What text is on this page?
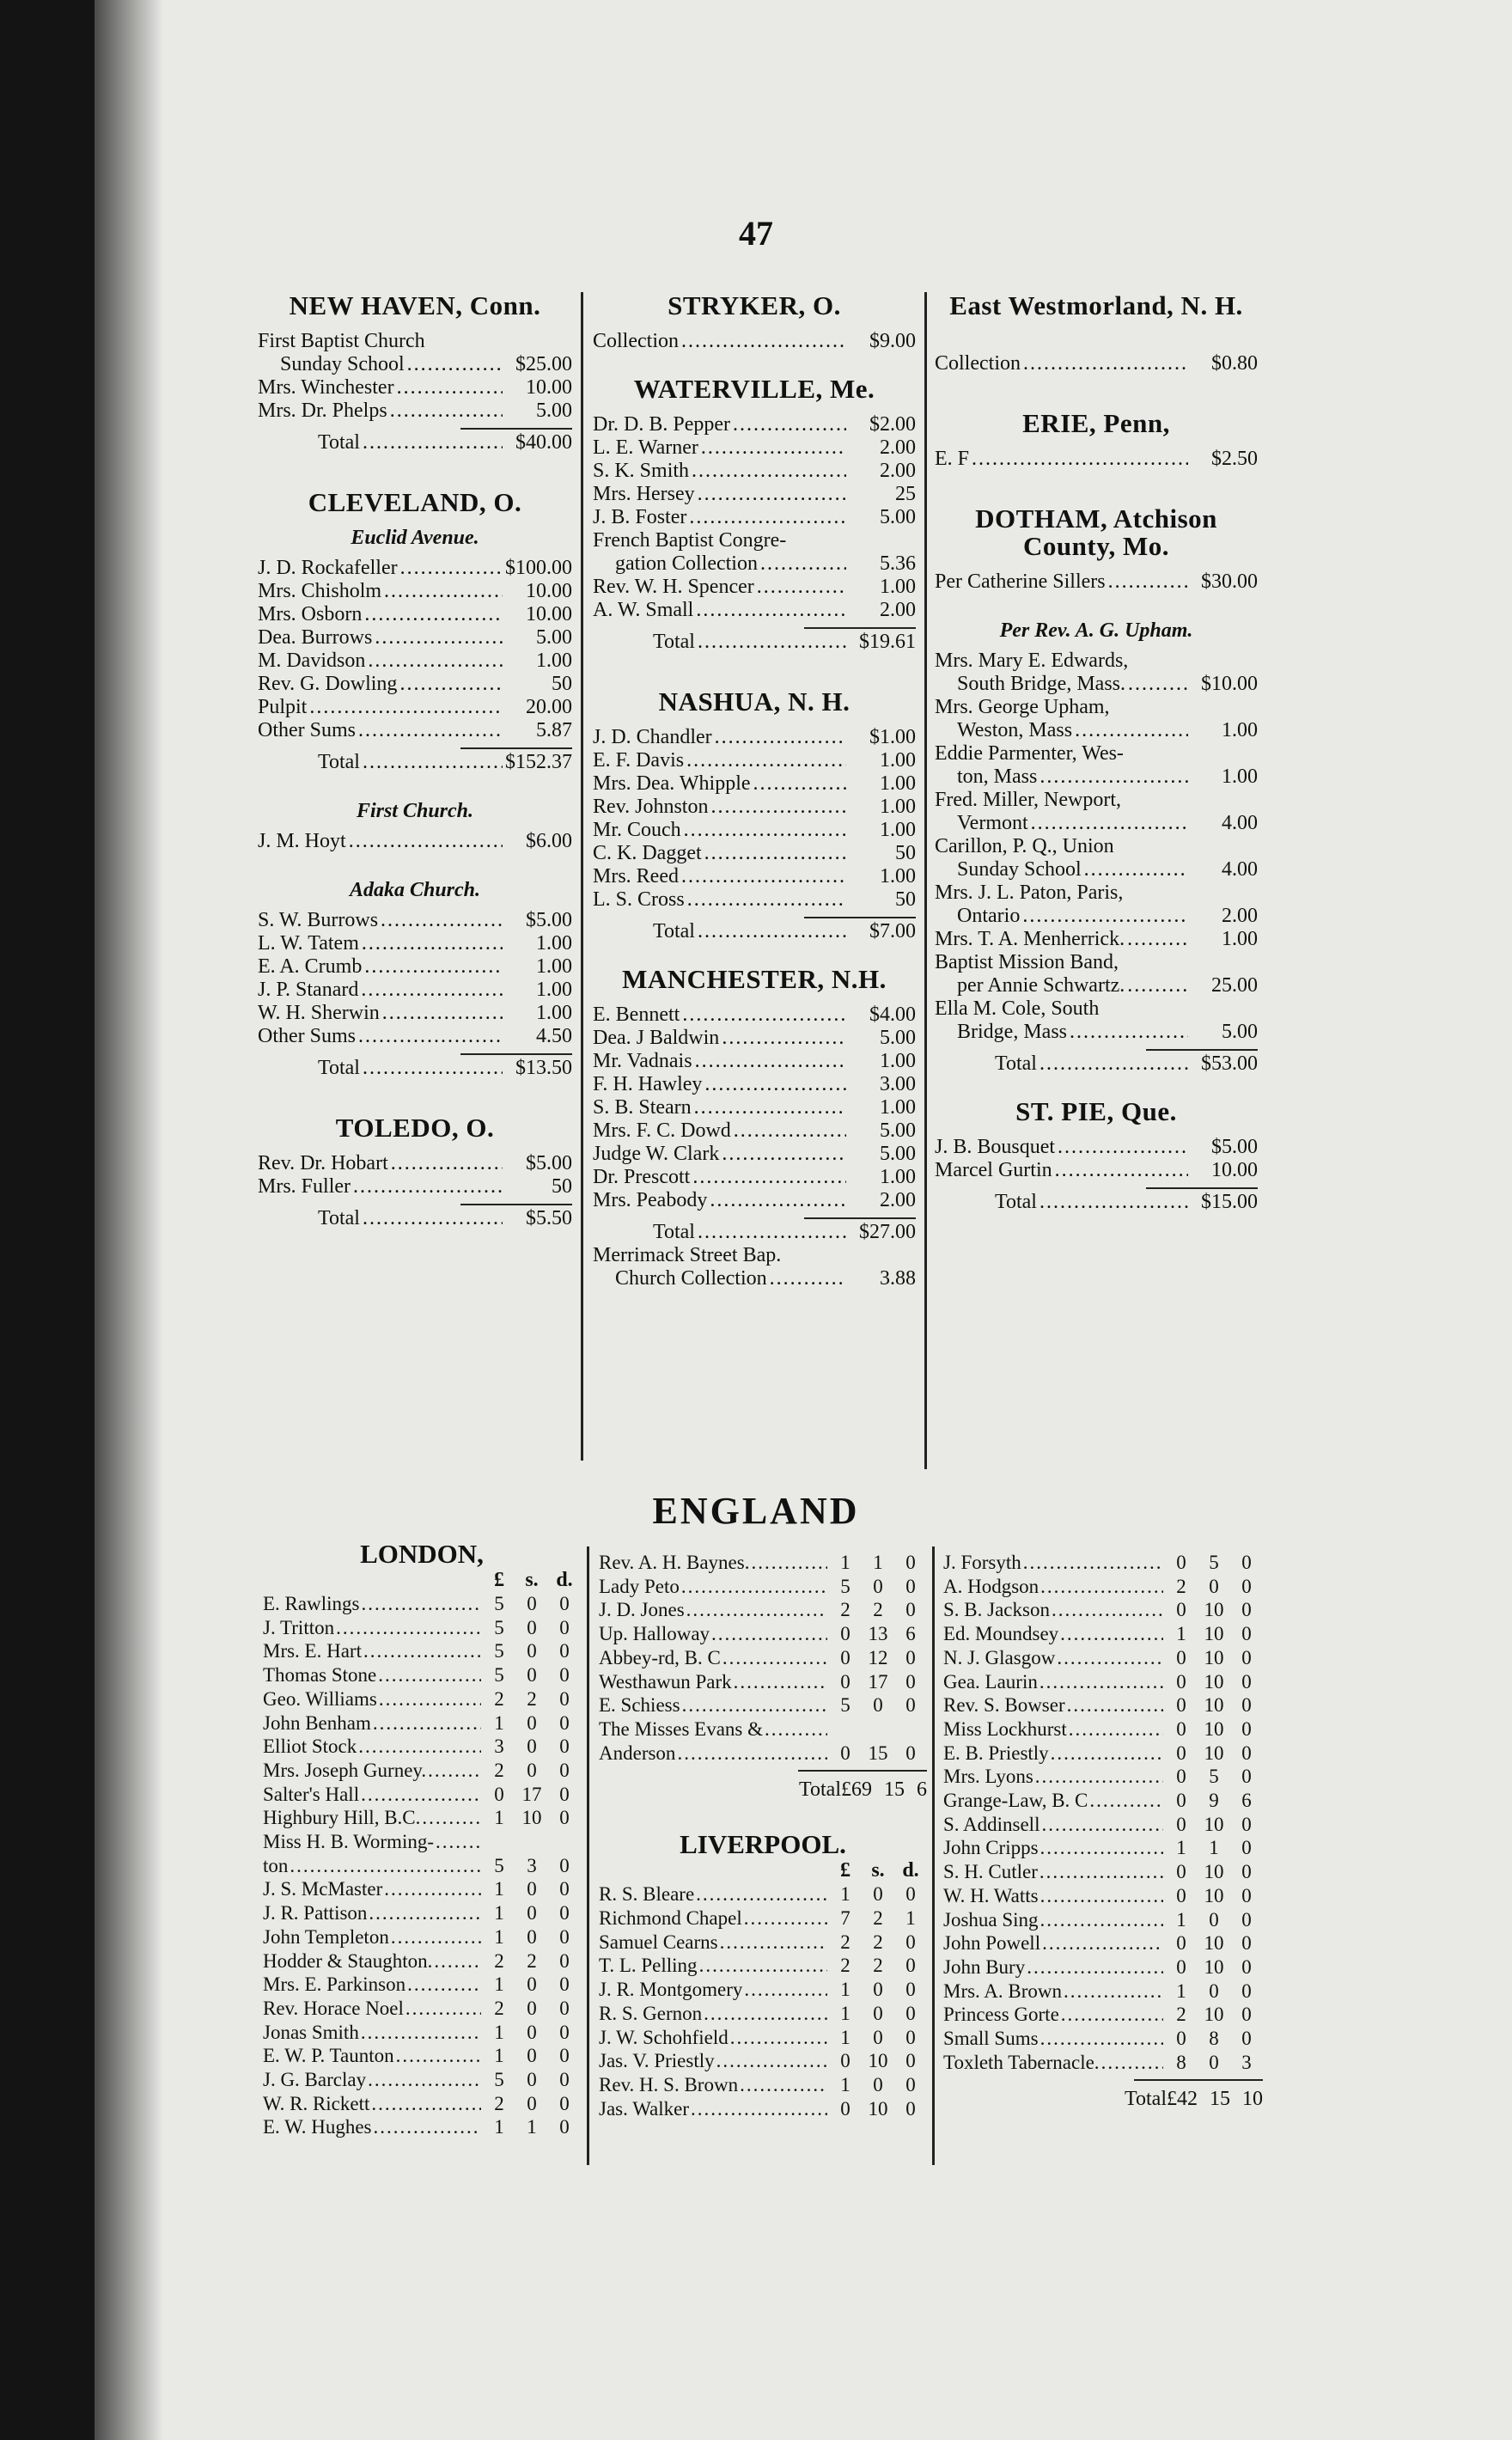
47
NEW HAVEN, Conn.
First Baptist Church
Sunday School .....	$25.00
Mrs. Winchester .....	10.00
Mrs. Dr. Phelps .....	5.00
Total .....	$40.00
CLEVELAND, O.
Euclid Avenue.
J. D. Rockafeller .....	$100.00
Mrs. Chisholm .....	10.00
Mrs. Osborn .....	10.00
Dea. Burrows .....	5.00
M. Davidson .....	1.00
Rev. G. Dowling .....	50
Pulpit .....	20.00
Other Sums .....	5.87
Total .....	$152.37
First Church.
J. M. Hoyt .....	$6.00
Adaka Church.
S. W. Burrows .....	$5.00
L. W. Tatem .....	1.00
E. A. Crumb .....	1.00
J. P. Stanard .....	1.00
W. H. Sherwin .....	1.00
Other Sums .....	4.50
Total .....	$13.50
TOLEDO, O.
Rev. Dr. Hobart .....	$5.00
Mrs. Fuller .....	50
Total .....	$5.50
STRYKER, O.
Collection .....	$9.00
WATERVILLE, Me.
Dr. D. B. Pepper .....	$2.00
L. E. Warner .....	2.00
S. K. Smith .....	2.00
Mrs. Hersey .....	25
J. B. Foster .....	5.00
French Baptist Congre-
gation Collection .....	5.36
Rev. W. H. Spencer .....	1.00
A. W. Small .....	2.00
Total .....	$19.61
NASHUA, N. H.
J. D. Chandler .....	$1.00
E. F. Davis .....	1.00
Mrs. Dea. Whipple .....	1.00
Rev. Johnston .....	1.00
Mr. Couch .....	1.00
C. K. Dagget .....	50
Mrs. Reed .....	1.00
L. S. Cross .....	50
Total .....	$7.00
MANCHESTER, N.H.
E. Bennett .....	$4.00
Dea. J Baldwin .....	5.00
Mr. Vadnais .....	1.00
F. H. Hawley .....	3.00
S. B. Stearn .....	1.00
Mrs. F. C. Dowd .....	5.00
Judge W. Clark .....	5.00
Dr. Prescott .....	1.00
Mrs. Peabody .....	2.00
Total .....	$27.00
Merrimack Street Bap.
Church Collection .....	3.88
East Westmorland, N. H.
Collection .....	$0.80
ERIE, Penn,
E. F .....	$2.50
DOTHAM, Atchison County, Mo.
Per Catherine Sillers .....	$30.00
Per Rev. A. G. Upham.
Mrs. Mary E. Edwards,
South Bridge, Mass. .....	$10.00
Mrs. George Upham,
Weston, Mass .....	1.00
Eddie Parmenter, Wes-
ton, Mass .....	1.00
Fred. Miller, Newport,
Vermont .....	4.00
Carillon, P. Q., Union
Sunday School .....	4.00
Mrs. J. L. Paton, Paris,
Ontario .....	2.00
Mrs. T. A. Menherrick. .....	1.00
Baptist Mission Band,
per Annie Schwartz. .....	25.00
Ella M. Cole, South
Bridge, Mass .....	5.00
Total .....	$53.00
ST. PIE, Que.
J. B. Bousquet .....	$5.00
Marcel Gurtin .....	10.00
Total .....	$15.00
ENGLAND
LONDON,
£	s. d.
E. Rawlings .....	5	0	0
J. Tritton .....	5	0	0
Mrs. E. Hart .....	5	0	0
Thomas Stone .....	5	0	0
Geo. Williams .....	2	2	0
John Benham .....	1	0	0
Elliot Stock .....	3	0	0
Mrs. Joseph Gurney. .....	2	0	0
Salter's Hall .....	0 17 0
Highbury Hill, B.C. .....	1 10 0
Miss H. B. Worming-
.....
ton .....	5	3	0
J. S. McMaster .....	1	0	0
J. R. Pattison .....	1	0	0
John Templeton .....	1	0	0
Hodder & Staughton. .....	2	2	0
Mrs. E. Parkinson .....	1	0	0
Rev. Horace Noel .....	2	0	0
Jonas Smith .....	1	0	0
E. W. P. Taunton .....	1	0	0
J. G. Barclay .....	5	0	0
W. R. Rickett .....	2	0	0
E. W. Hughes .....	1	1	0
Rev. A. H. Baynes. .....	1	1	0
Lady Peto .....	5	0	0
J. D. Jones .....	2	2	0
Up. Halloway .....	0 13 6
Abbey-rd, B. C .....	0 12 0
Westhawun Park .....	0 17 0
E. Schiess .....	5	0	0
The Misses Evans &
.....
Anderson .....	0 15 0
Total £69 15 6
LIVERPOOL.
£	s. d.
R. S. Bleare .....	1	0	0
Richmond Chapel .....	7	2	1
Samuel Cearns .....	2	2	0
T. L. Pelling .....	2	2	0
J. R. Montgomery .....	1	0	0
R. S. Gernon .....	1	0	0
J. W. Schohfield .....	1	0	0
Jas. V. Priestly .....	0 10 0
Rev. H. S. Brown .....	1	0	0
Jas. Walker .....	0 10 0
J. Forsyth .....	0	5	0
A. Hodgson .....	2	0	0
S. B. Jackson .....	0 10 0
Ed. Moundsey .....	1 10 0
N. J. Glasgow .....	0 10 0
Gea. Laurin .....	0 10 0
Rev. S. Bowser .....	0 10 0
Miss Lockhurst .....	0 10 0
E. B. Priestly .....	0 10 0
Mrs. Lyons .....	0	5	0
Grange-Law, B. C .....	0	9	6
S. Addinsell .....	0 10 0
John Cripps .....	1	1	0
S. H. Cutler .....	0 10 0
W. H. Watts .....	0 10 0
Joshua Sing .....	1	0	0
John Powell .....	0 10 0
John Bury .....	0 10 0
Mrs. A. Brown .....	1	0	0
Princess Gorte .....	2 10 0
Small Sums .....	0	8	0
Toxleth Tabernacle. .....	8	0	3
Total £42 15 10
